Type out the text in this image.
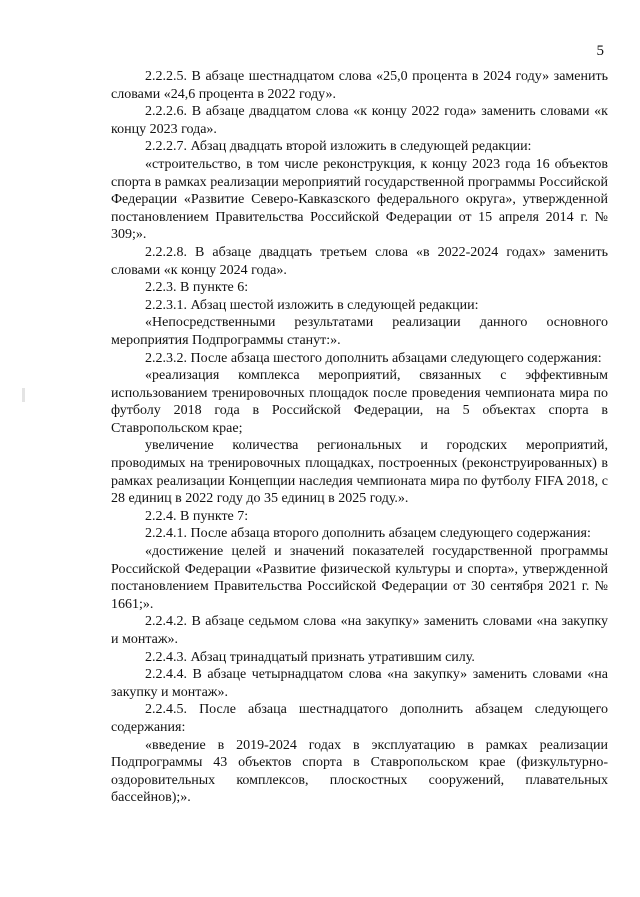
5

2.2.2.5. В абзаце шестнадцатом слова «25,0 процента в 2024 году» заменить словами «24,6 процента в 2022 году».

2.2.2.6. В абзаце двадцатом слова «к концу 2022 года» заменить словами «к концу 2023 года».

2.2.2.7. Абзац двадцать второй изложить в следующей редакции:

«строительство, в том числе реконструкция, к концу 2023 года 16 объектов спорта в рамках реализации мероприятий государственной программы Российской Федерации «Развитие Северо-Кавказского федерального округа», утвержденной постановлением Правительства Российской Федерации от 15 апреля 2014 г. № 309;».

2.2.2.8. В абзаце двадцать третьем слова «в 2022-2024 годах» заменить словами «к концу 2024 года».

2.2.3. В пункте 6:

2.2.3.1. Абзац шестой изложить в следующей редакции:

«Непосредственными результатами реализации данного основного мероприятия Подпрограммы станут:».

2.2.3.2. После абзаца шестого дополнить абзацами следующего содержания:

«реализация комплекса мероприятий, связанных с эффективным использованием тренировочных площадок после проведения чемпионата мира по футболу 2018 года в Российской Федерации, на 5 объектах спорта в Ставропольском крае;

увеличение количества региональных и городских мероприятий, проводимых на тренировочных площадках, построенных (реконструированных) в рамках реализации Концепции наследия чемпионата мира по футболу FIFA 2018, с 28 единиц в 2022 году до 35 единиц в 2025 году.».

2.2.4. В пункте 7:

2.2.4.1. После абзаца второго дополнить абзацем следующего содержания:

«достижение целей и значений показателей государственной программы Российской Федерации «Развитие физической культуры и спорта», утвержденной постановлением Правительства Российской Федерации от 30 сентября 2021 г. № 1661;».

2.2.4.2. В абзаце седьмом слова «на закупку» заменить словами «на закупку и монтаж».

2.2.4.3. Абзац тринадцатый признать утратившим силу.

2.2.4.4. В абзаце четырнадцатом слова «на закупку» заменить словами «на закупку и монтаж».

2.2.4.5. После абзаца шестнадцатого дополнить абзацем следующего содержания:

«введение в 2019-2024 годах в эксплуатацию в рамках реализации Подпрограммы 43 объектов спорта в Ставропольском крае (физкультурно-оздоровительных комплексов, плоскостных сооружений, плавательных бассейнов);».
